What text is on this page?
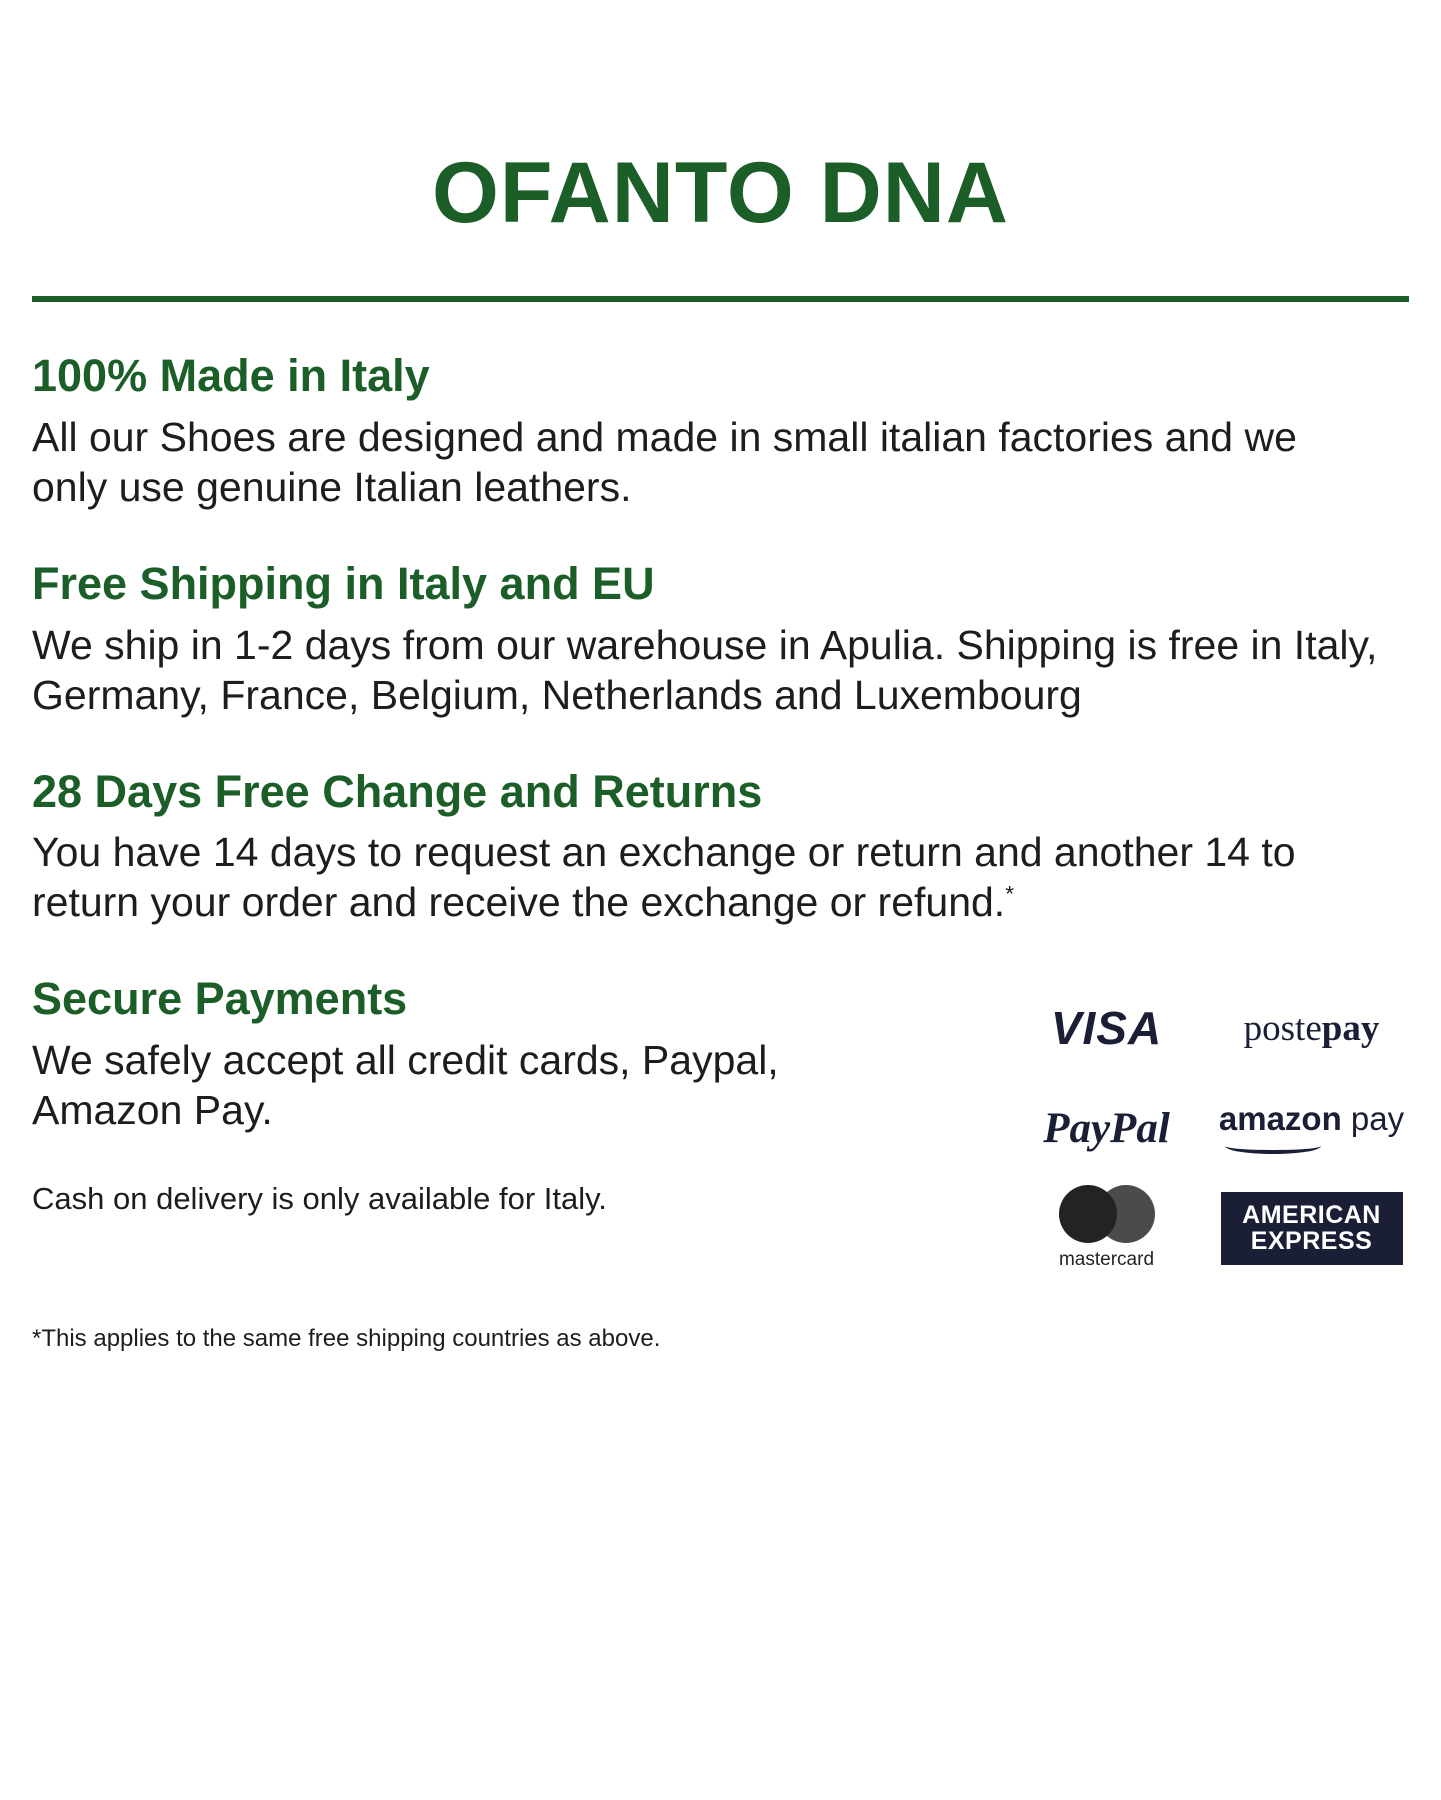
OFANTO DNA
100% Made in Italy

All our Shoes are designed and made in small italian factories and we only use genuine Italian leathers.

Free Shipping in Italy and EU

We ship in 1-2 days from our warehouse in Apulia. Shipping is free in Italy, Germany, France, Belgium, Netherlands and Luxembourg

28 Days Free Change and Returns

You have 14 days to request an exchange or return and another 14 to return your order and receive the exchange or refund.*

Secure Payments

We safely accept all credit cards, Paypal, Amazon Pay.

Cash on delivery is only available for Italy.

VISA postepay
PayPal amazon pay
mastercard
AMERICAN
EXPRESS

*This applies to the same free shipping countries as above.
